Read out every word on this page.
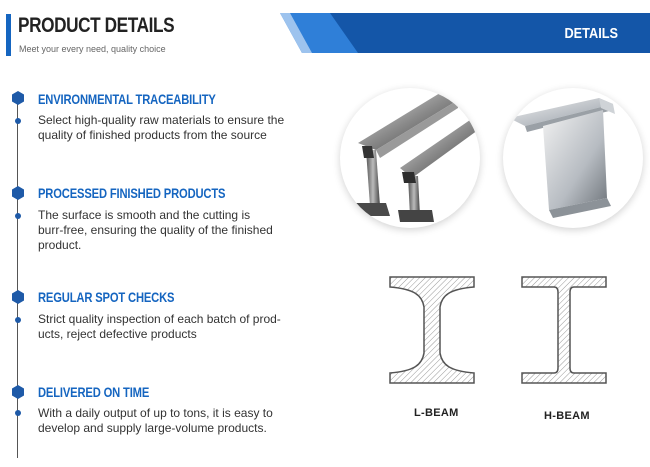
PRODUCT DETAILS
Meet your every need, quality choice
DETAILS
ENVIRONMENTAL TRACEABILITY
Select high-quality raw materials to ensure the
quality of finished products from the source
PROCESSED FINISHED PRODUCTS
The surface is smooth and the cutting is
burr-free, ensuring the quality of the finished
product.
REGULAR SPOT CHECKS
Strict quality inspection of each batch of prod-
ucts, reject defective products
DELIVERED ON TIME
With a daily output of up to tons, it is easy to
develop and supply large-volume products.
L-BEAM	H-BEAM
